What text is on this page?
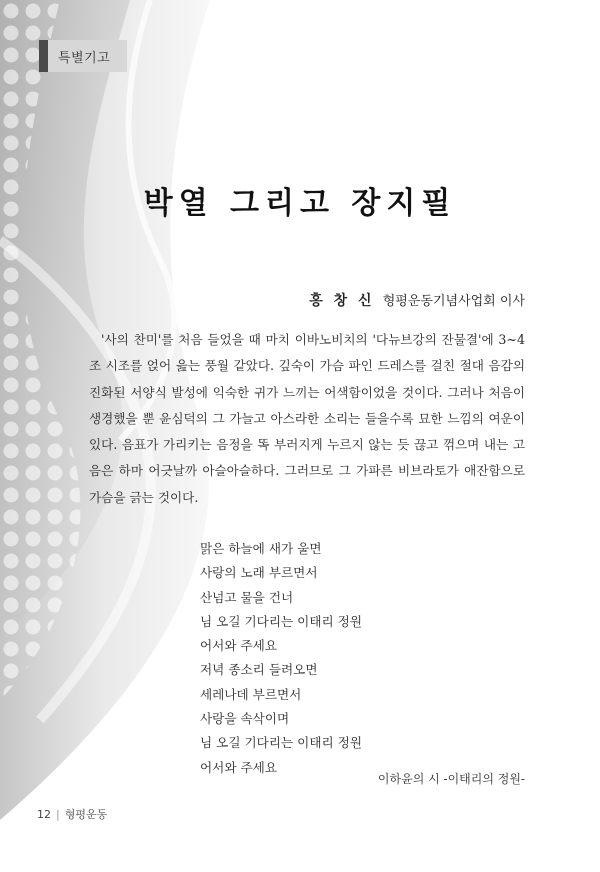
특별기고
박열 그리고 장지필
홍 창 신 형평운동기념사업회 이사

'사의 찬미'를 처음 들었을 때 마치 이바노비치의 '다뉴브강의 잔물결'에 3~4조 시조를 얹어 읊는 풍월 같았다. 깊숙이 가슴 파인 드레스를 걸친 절대 음감의 진화된 서양식 발성에 익숙한 귀가 느끼는 어색함이었을 것이다. 그러나 처음이 생경했을 뿐 윤심덕의 그 가늘고 아스라한 소리는 들을수록 묘한 느낌의 여운이 있다. 음표가 가리키는 음정을 똑 부러지게 누르지 않는 듯 끊고 꺾으며 내는 고음은 하마 어긋날까 아슬아슬하다. 그러므로 그 가파른 비브라토가 애잔함으로 가슴을 긁는 것이다.

맑은 하늘에 새가 울면
사랑의 노래 부르면서
산넘고 물을 건너
님 오길 기다리는 이태리 정원
어서와 주세요
저녁 종소리 들려오면
세레나데 부르면서
사랑을 속삭이며
님 오길 기다리는 이태리 정원
어서와 주세요
이하윤의 시 -이태리의 정원-
12 | 형평운동
